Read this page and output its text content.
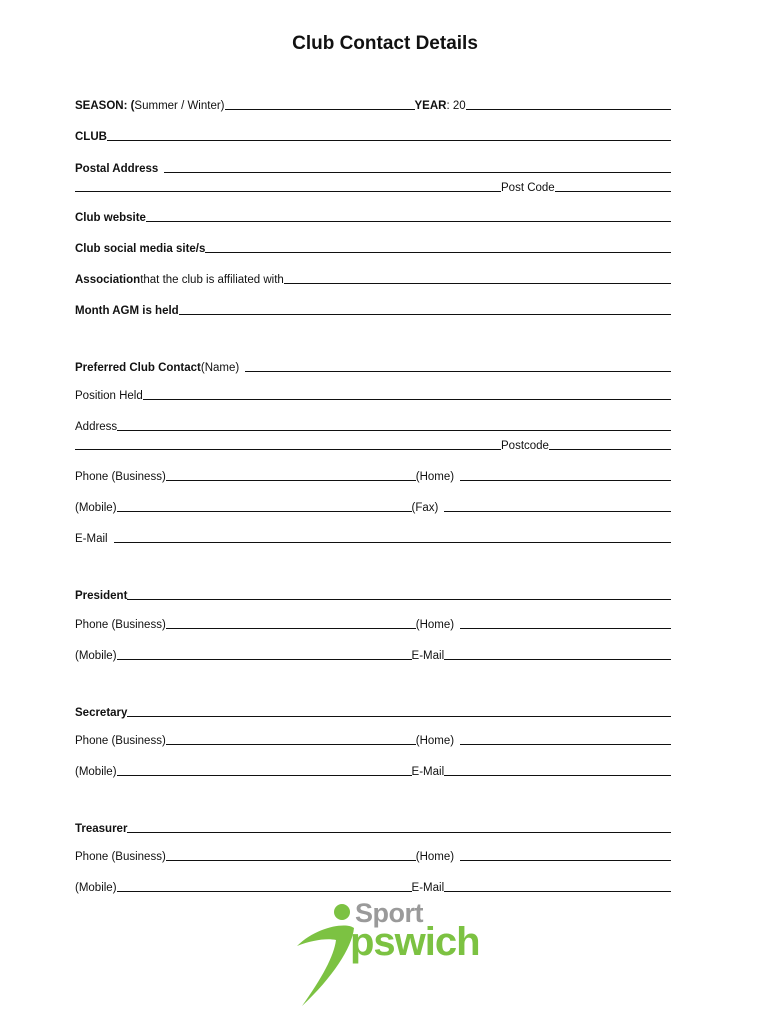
Club Contact Details
SEASON: ( Summer / Winter)	YEAR : 20
CLUB
Postal Address
Post Code
Club website
Club social media site/s
Association that the club is affiliated with
Month AGM is held
Preferred Club Contact (Name)
Position Held
Address
Postcode
Phone (Business)	(Home)
(Mobile)	(Fax)
E-Mail
President
Phone (Business)	(Home)
(Mobile)	E-Mail
Secretary
Phone (Business)	(Home)
(Mobile)	E-Mail
Treasurer
Phone (Business)	(Home)
(Mobile)	E-Mail
Sport
pswich
